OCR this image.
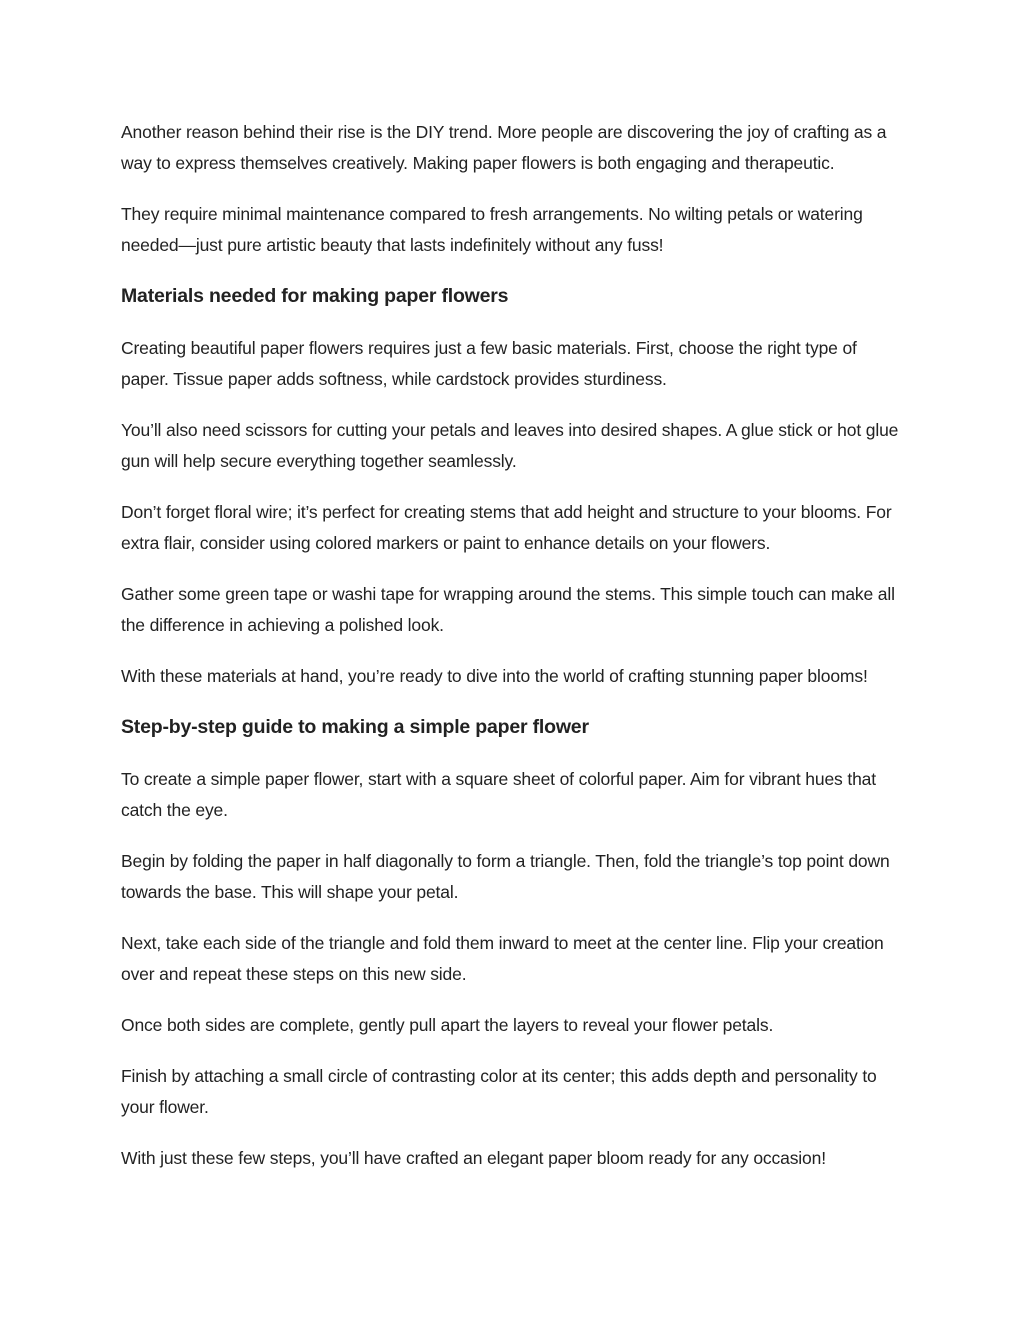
Another reason behind their rise is the DIY trend. More people are discovering the joy of crafting as a way to express themselves creatively. Making paper flowers is both engaging and therapeutic.

They require minimal maintenance compared to fresh arrangements. No wilting petals or watering needed—just pure artistic beauty that lasts indefinitely without any fuss!

Materials needed for making paper flowers

Creating beautiful paper flowers requires just a few basic materials. First, choose the right type of paper. Tissue paper adds softness, while cardstock provides sturdiness.

You’ll also need scissors for cutting your petals and leaves into desired shapes. A glue stick or hot glue gun will help secure everything together seamlessly.

Don’t forget floral wire; it’s perfect for creating stems that add height and structure to your blooms. For extra flair, consider using colored markers or paint to enhance details on your flowers.

Gather some green tape or washi tape for wrapping around the stems. This simple touch can make all the difference in achieving a polished look.

With these materials at hand, you’re ready to dive into the world of crafting stunning paper blooms!

Step-by-step guide to making a simple paper flower

To create a simple paper flower, start with a square sheet of colorful paper. Aim for vibrant hues that catch the eye.

Begin by folding the paper in half diagonally to form a triangle. Then, fold the triangle’s top point down towards the base. This will shape your petal.

Next, take each side of the triangle and fold them inward to meet at the center line. Flip your creation over and repeat these steps on this new side.

Once both sides are complete, gently pull apart the layers to reveal your flower petals.

Finish by attaching a small circle of contrasting color at its center; this adds depth and personality to your flower.

With just these few steps, you’ll have crafted an elegant paper bloom ready for any occasion!
